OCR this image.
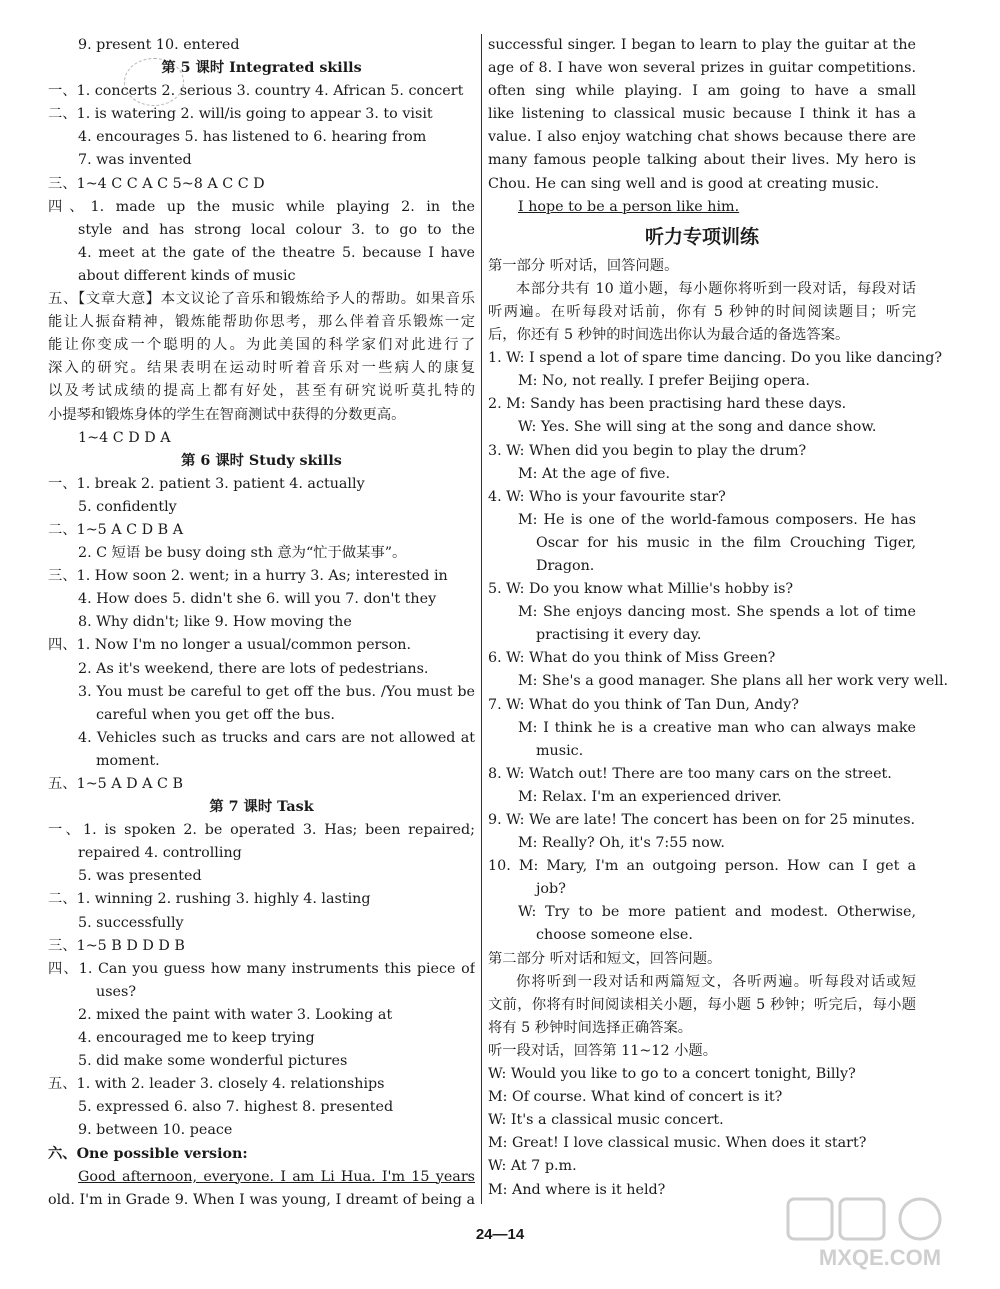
9. present 10. entered
第 5 课时 Integrated skills
一、1. concerts 2. serious 3. country 4. African 5. concert
二、1. is watering 2. will/is going to appear 3. to visit
4. encourages 5. has listened to 6. hearing from
7. was invented
三、1~4 C C A C 5~8 A C C D
四、1. made up the music while playing 2. in the
style and has strong local colour 3. to go to the
4. meet at the gate of the theatre 5. because I have
about different kinds of music
五、【文章大意】本文议论了音乐和锻炼给予人的帮助。如果音乐
能让人振奋精神，锻炼能帮助你思考，那么伴着音乐锻炼一定
能让你变成一个聪明的人。为此美国的科学家们对此进行了
深入的研究。结果表明在运动时听着音乐对一些病人的康复
以及考试成绩的提高上都有好处，甚至有研究说听莫扎特的
小提琴和锻炼身体的学生在智商测试中获得的分数更高。
1~4 C D D A
第 6 课时 Study skills
一、1. break 2. patient 3. patient 4. actually
5. confidently
二、1~5 A C D B A
2. C 短语 be busy doing sth 意为“忙于做某事”。
三、1. How soon 2. went; in a hurry 3. As; interested in
4. How does 5. didn't she 6. will you 7. don't they
8. Why didn't; like 9. How moving the
四、1. Now I'm no longer a usual/common person.
2. As it's weekend, there are lots of pedestrians.
3. You must be careful to get off the bus. /You must be
careful when you get off the bus.
4. Vehicles such as trucks and cars are not allowed at
moment.
五、1~5 A D A C B
第 7 课时 Task
一、1. is spoken 2. be operated 3. Has; been repaired;
repaired 4. controlling
5. was presented
二、1. winning 2. rushing 3. highly 4. lasting
5. successfully
三、1~5 B D D D B
四、1. Can you guess how many instruments this piece of
uses?
2. mixed the paint with water 3. Looking at
4. encouraged me to keep trying
5. did make some wonderful pictures
五、1. with 2. leader 3. closely 4. relationships
5. expressed 6. also 7. highest 8. presented
9. between 10. peace
六、One possible version:
Good afternoon, everyone. I am Li Hua. I'm 15 years
old. I'm in Grade 9. When I was young, I dreamt of being a
successful singer. I began to learn to play the guitar at the
age of 8. I have won several prizes in guitar competitions.
often sing while playing. I am going to have a small
like listening to classical music because I think it has a
value. I also enjoy watching chat shows because there are
many famous people talking about their lives. My hero is
Chou. He can sing well and is good at creating music.
I hope to be a person like him.
听力专项训练
第一部分 听对话，回答问题。
本部分共有 10 道小题，每小题你将听到一段对话，每段对话
听两遍。在听每段对话前，你有 5 秒钟的时间阅读题目；听完
后，你还有 5 秒钟的时间选出你认为最合适的备选答案。
1. W: I spend a lot of spare time dancing. Do you like dancing?
M: No, not really. I prefer Beijing opera.
2. M: Sandy has been practising hard these days.
W: Yes. She will sing at the song and dance show.
3. W: When did you begin to play the drum?
M: At the age of five.
4. W: Who is your favourite star?
M: He is one of the world-famous composers. He has
Oscar for his music in the film Crouching Tiger,
Dragon.
5. W: Do you know what Millie's hobby is?
M: She enjoys dancing most. She spends a lot of time
practising it every day.
6. W: What do you think of Miss Green?
M: She's a good manager. She plans all her work very well.
7. W: What do you think of Tan Dun, Andy?
M: I think he is a creative man who can always make
music.
8. W: Watch out! There are too many cars on the street.
M: Relax. I'm an experienced driver.
9. W: We are late! The concert has been on for 25 minutes.
M: Really? Oh, it's 7:55 now.
10. M: Mary, I'm an outgoing person. How can I get a
job?
W: Try to be more patient and modest. Otherwise,
choose someone else.
第二部分 听对话和短文，回答问题。
你将听到一段对话和两篇短文，各听两遍。听每段对话或短
文前，你将有时间阅读相关小题，每小题 5 秒钟；听完后，每小题
将有 5 秒钟时间选择正确答案。
听一段对话，回答第 11~12 小题。
W: Would you like to go to a concert tonight, Billy?
M: Of course. What kind of concert is it?
W: It's a classical music concert.
M: Great! I love classical music. When does it start?
W: At 7 p.m.
M: And where is it held?
24—14
MXQE.COM
